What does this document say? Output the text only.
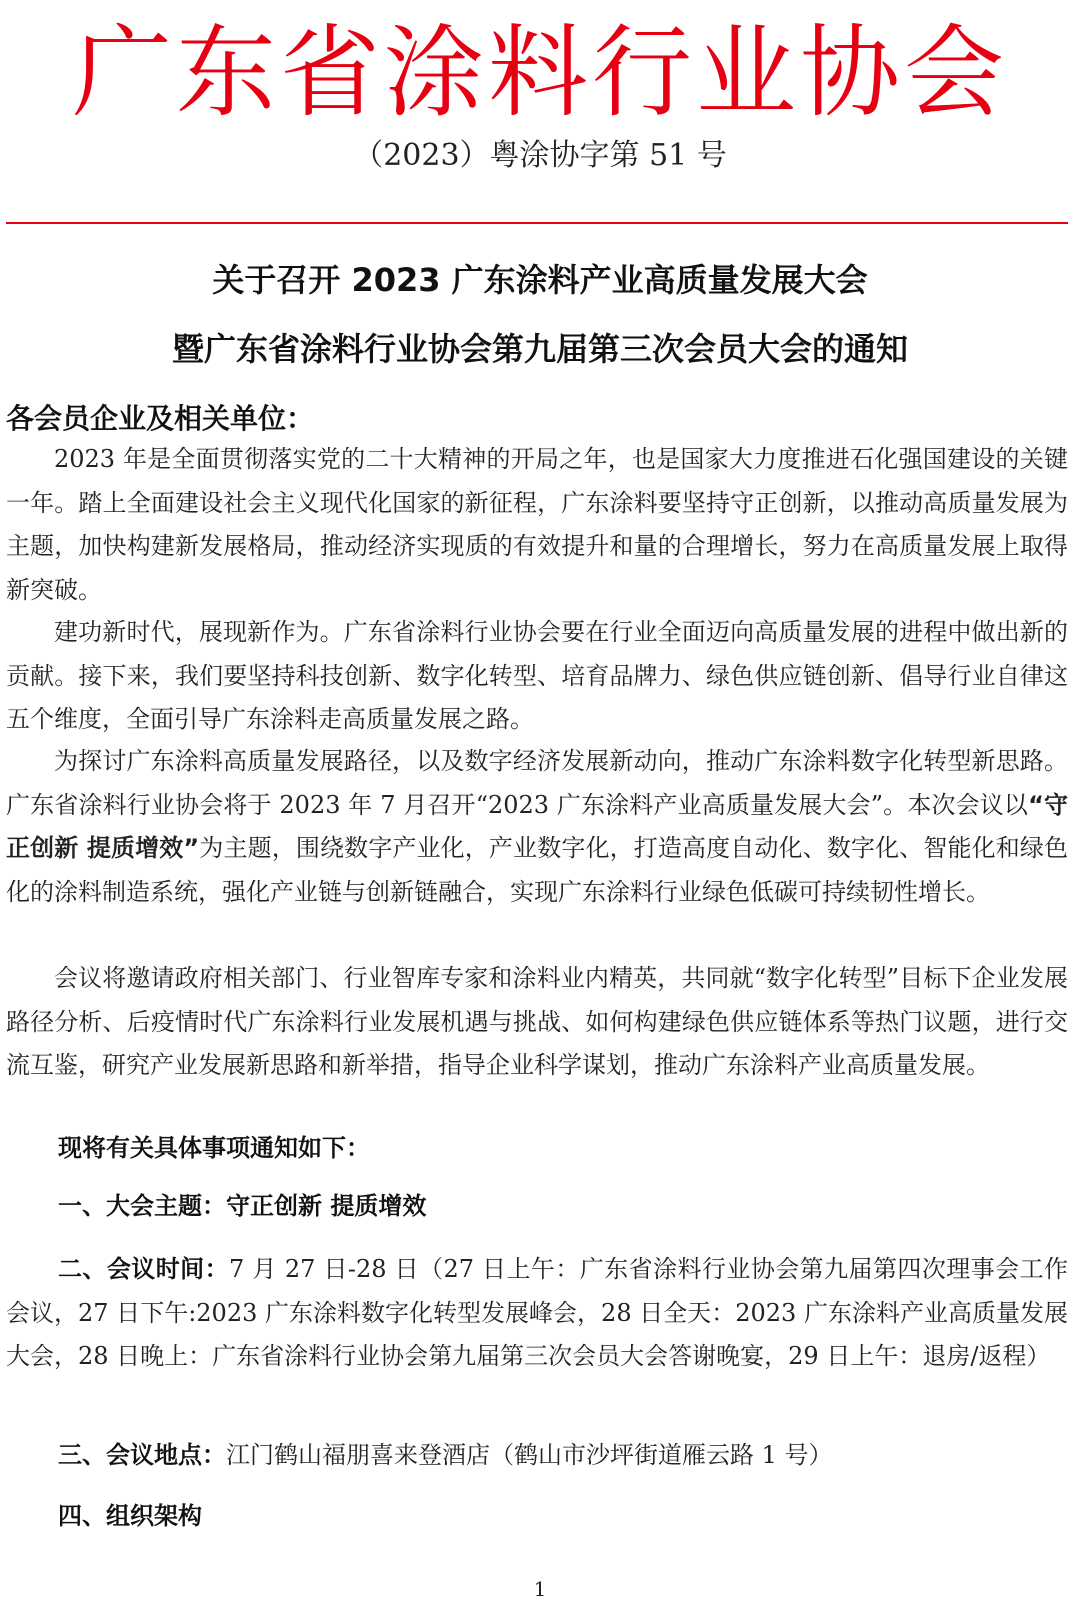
广东省涂料行业协会
（2023）粤涂协字第 51 号
关于召开 2023 广东涂料产业高质量发展大会
暨广东省涂料行业协会第九届第三次会员大会的通知
各会员企业及相关单位：

2023 年是全面贯彻落实党的二十大精神的开局之年，也是国家大力度推进石化强国建设的关键一年。踏上全面建设社会主义现代化国家的新征程，广东涂料要坚持守正创新，以推动高质量发展为主题，加快构建新发展格局，推动经济实现质的有效提升和量的合理增长，努力在高质量发展上取得新突破。

建功新时代，展现新作为。广东省涂料行业协会要在行业全面迈向高质量发展的进程中做出新的贡献。接下来，我们要坚持科技创新、数字化转型、培育品牌力、绿色供应链创新、倡导行业自律这五个维度，全面引导广东涂料走高质量发展之路。

为探讨广东涂料高质量发展路径，以及数字经济发展新动向，推动广东涂料数字化转型新思路。广东省涂料行业协会将于 2023 年 7 月召开“2023 广东涂料产业高质量发展大会”。本次会议以“守正创新 提质增效”为主题，围绕数字产业化，产业数字化，打造高度自动化、数字化、智能化和绿色化的涂料制造系统，强化产业链与创新链融合，实现广东涂料行业绿色低碳可持续韧性增长。

会议将邀请政府相关部门、行业智库专家和涂料业内精英，共同就“数字化转型”目标下企业发展路径分析、后疫情时代广东涂料行业发展机遇与挑战、如何构建绿色供应链体系等热门议题，进行交流互鉴，研究产业发展新思路和新举措，指导企业科学谋划，推动广东涂料产业高质量发展。

现将有关具体事项通知如下：
一、大会主题：守正创新 提质增效

二、会议时间：7 月 27 日-28 日（27 日上午：广东省涂料行业协会第九届第四次理事会工作会议，27 日下午:2023 广东涂料数字化转型发展峰会，28 日全天：2023 广东涂料产业高质量发展大会，28 日晚上：广东省涂料行业协会第九届第三次会员大会答谢晚宴，29 日上午：退房/返程）

三、会议地点：江门鹤山福朋喜来登酒店（鹤山市沙坪街道雁云路 1 号）

四、组织架构
1
